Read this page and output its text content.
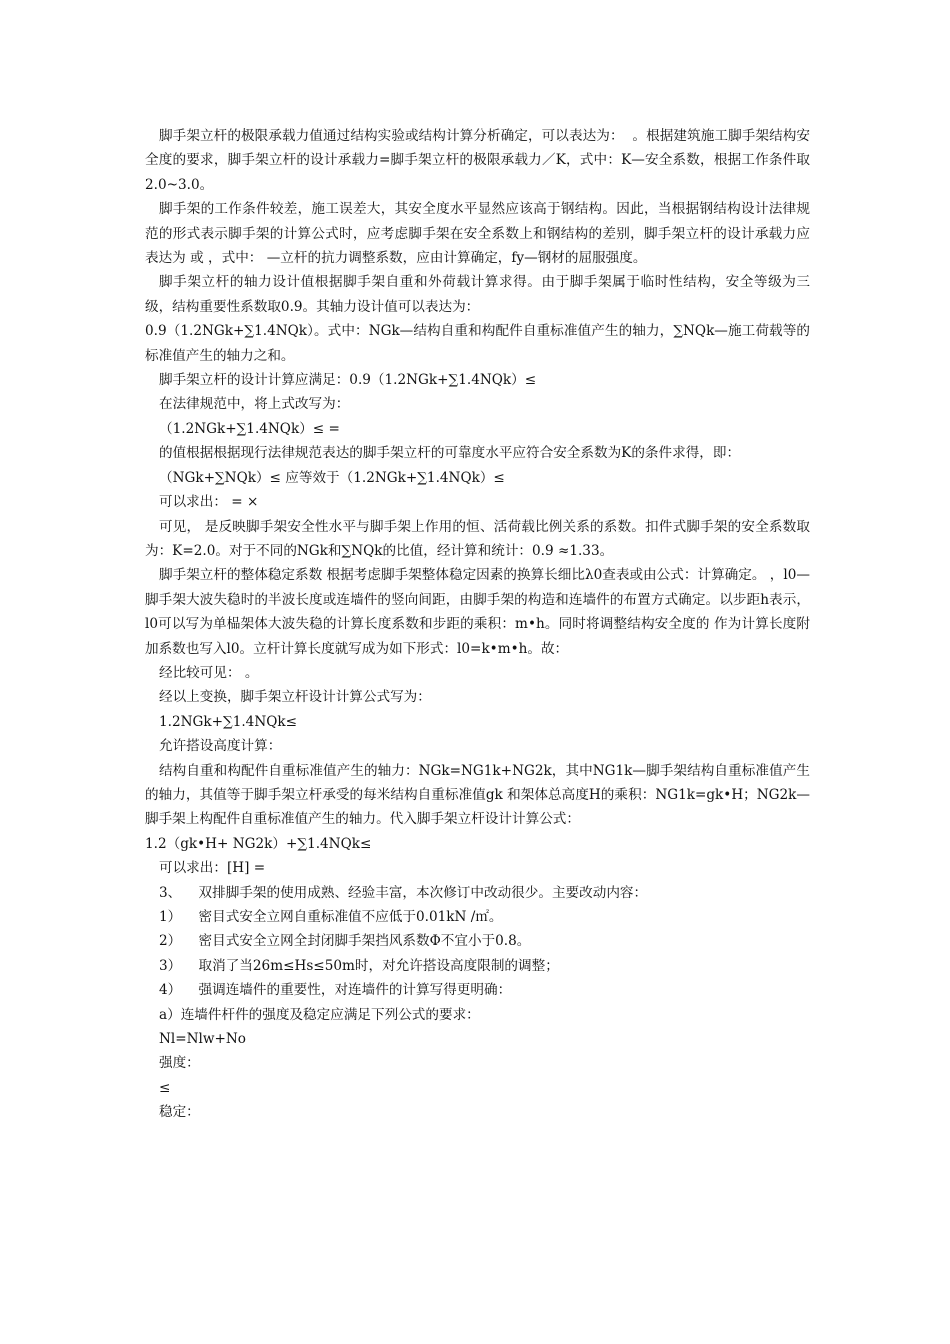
脚手架立杆的极限承载力值通过结构实验或结构计算分析确定，可以表达为：  。根据建筑施工脚手架结构安全度的要求，脚手架立杆的设计承载力=脚手架立杆的极限承载力／K，式中：K—安全系数，根据工作条件取2.0~3.0。

脚手架的工作条件较差，施工误差大，其安全度水平显然应该高于钢结构。因此，当根据钢结构设计法律规范的形式表示脚手架的计算公式时，应考虑脚手架在安全系数上和钢结构的差别，脚手架立杆的设计承载力应表达为 或 ，式中： —立杆的抗力调整系数，应由计算确定，fy—钢材的屈服强度。

脚手架立杆的轴力设计值根据脚手架自重和外荷载计算求得。由于脚手架属于临时性结构，安全等级为三级，结构重要性系数取0.9。其轴力设计值可以表达为：

0.9（1.2NGk+∑1.4NQk）。式中：NGk—结构自重和构配件自重标准值产生的轴力，∑NQk—施工荷载等的标准值产生的轴力之和。

脚手架立杆的设计计算应满足：0.9（1.2NGk+∑1.4NQk）≤

在法律规范中，将上式改写为：

（1.2NGk+∑1.4NQk）≤ =

的值根据根据现行法律规范表达的脚手架立杆的可靠度水平应符合安全系数为K的条件求得，即：

（NGk+∑NQk）≤ 应等效于（1.2NGk+∑1.4NQk）≤

可以求出： = ×

可见， 是反映脚手架安全性水平与脚手架上作用的恒、活荷载比例关系的系数。扣件式脚手架的安全系数取为：K=2.0。对于不同的NGk和∑NQk的比值，经计算和统计：0.9 ≈1.33。

脚手架立杆的整体稳定系数 根据考虑脚手架整体稳定因素的换算长细比λ0查表或由公式：计算确定。 ，l0—脚手架大波失稳时的半波长度或连墙件的竖向间距，由脚手架的构造和连墙件的布置方式确定。以步距h表示，l0可以写为单榀架体大波失稳的计算长度系数和步距的乘积：m•h。同时将调整结构安全度的 作为计算长度附加系数也写入l0。立杆计算长度就写成为如下形式：l0=k•m•h。故：

经比较可见： 。

经以上变换，脚手架立杆设计计算公式写为：

1.2NGk+∑1.4NQk≤

允许搭设高度计算：

结构自重和构配件自重标准值产生的轴力：NGk=NG1k+NG2k，其中NG1k—脚手架结构自重标准值产生的轴力，其值等于脚手架立杆承受的每米结构自重标准值gk 和架体总高度H的乘积：NG1k=gk•H；NG2k—脚手架上构配件自重标准值产生的轴力。代入脚手架立杆设计计算公式：

1.2（gk•H+ NG2k）+∑1.4NQk≤

可以求出：[H] =

3、    双排脚手架的使用成熟、经验丰富，本次修订中改动很少。主要改动内容：

1）    密目式安全立网自重标准值不应低于0.01kN /㎡。

2）    密目式安全立网全封闭脚手架挡风系数Φ不宜小于0.8。

3）    取消了当26m≤Hs≤50m时，对允许搭设高度限制的调整；

4）    强调连墙件的重要性，对连墙件的计算写得更明确：

a）连墙件杆件的强度及稳定应满足下列公式的要求：

Nl=Nlw+No

强度：

≤

稳定：
